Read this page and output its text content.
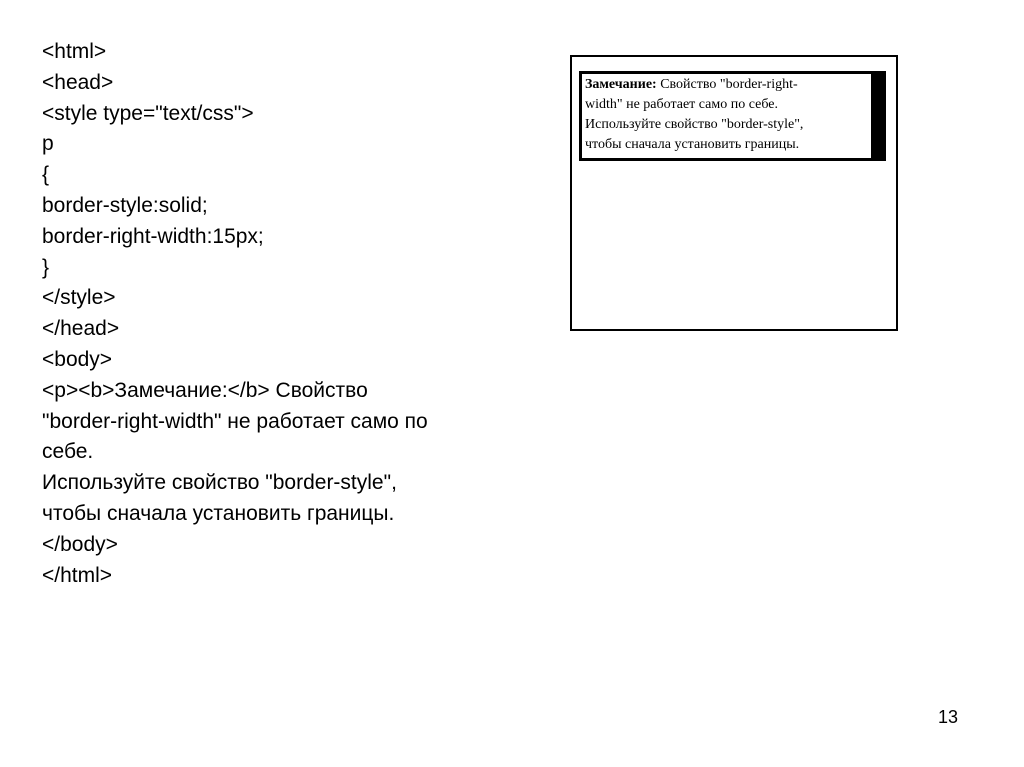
<html>
<head>
<style type="text/css">
p
{
border-style:solid;
border-right-width:15px;
}
</style>
</head>
<body>
<p><b>Замечание:</b> Свойство
"border-right-width" не работает само по
себе.
Используйте свойство "border-style",
чтобы сначала установить границы.
</body>
</html>

Замечание: Свойство "border-right-
width" не работает само по себе.
Используйте свойство "border-style",
чтобы сначала установить границы.

13
